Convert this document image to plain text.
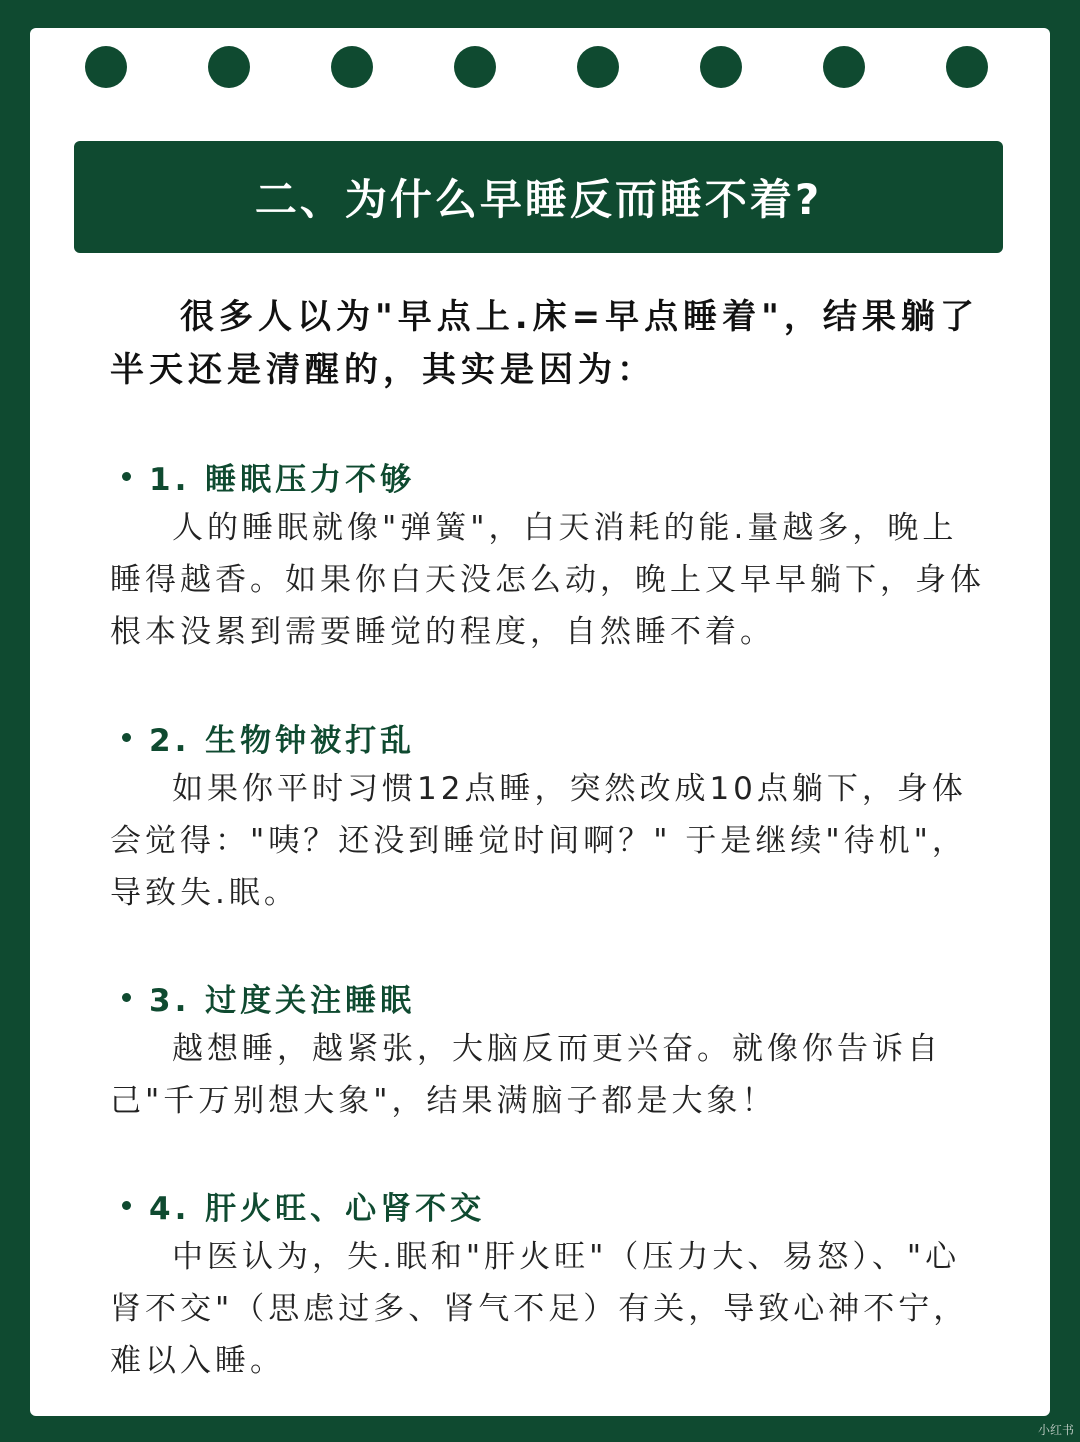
二、为什么早睡反而睡不着?

很多人以为"早点上.床=早点睡着"，结果躺了半天还是清醒的，其实是因为：

1. 睡眠压力不够

人的睡眠就像"弹簧"，白天消耗的能.量越多，晚上睡得越香。如果你白天没怎么动，晚上又早早躺下，身体根本没累到需要睡觉的程度，自然睡不着。

2. 生物钟被打乱

如果你平时习惯12点睡，突然改成10点躺下，身体会觉得："咦？还没到睡觉时间啊？" 于是继续"待机"，导致失.眠。

3. 过度关注睡眠

越想睡，越紧张，大脑反而更兴奋。就像你告诉自己"千万别想大象"，结果满脑子都是大象！

4. 肝火旺、心肾不交

中医认为，失.眠和"肝火旺"（压力大、易怒）、"心肾不交"（思虑过多、肾气不足）有关，导致心神不宁，难以入睡。

小红书
